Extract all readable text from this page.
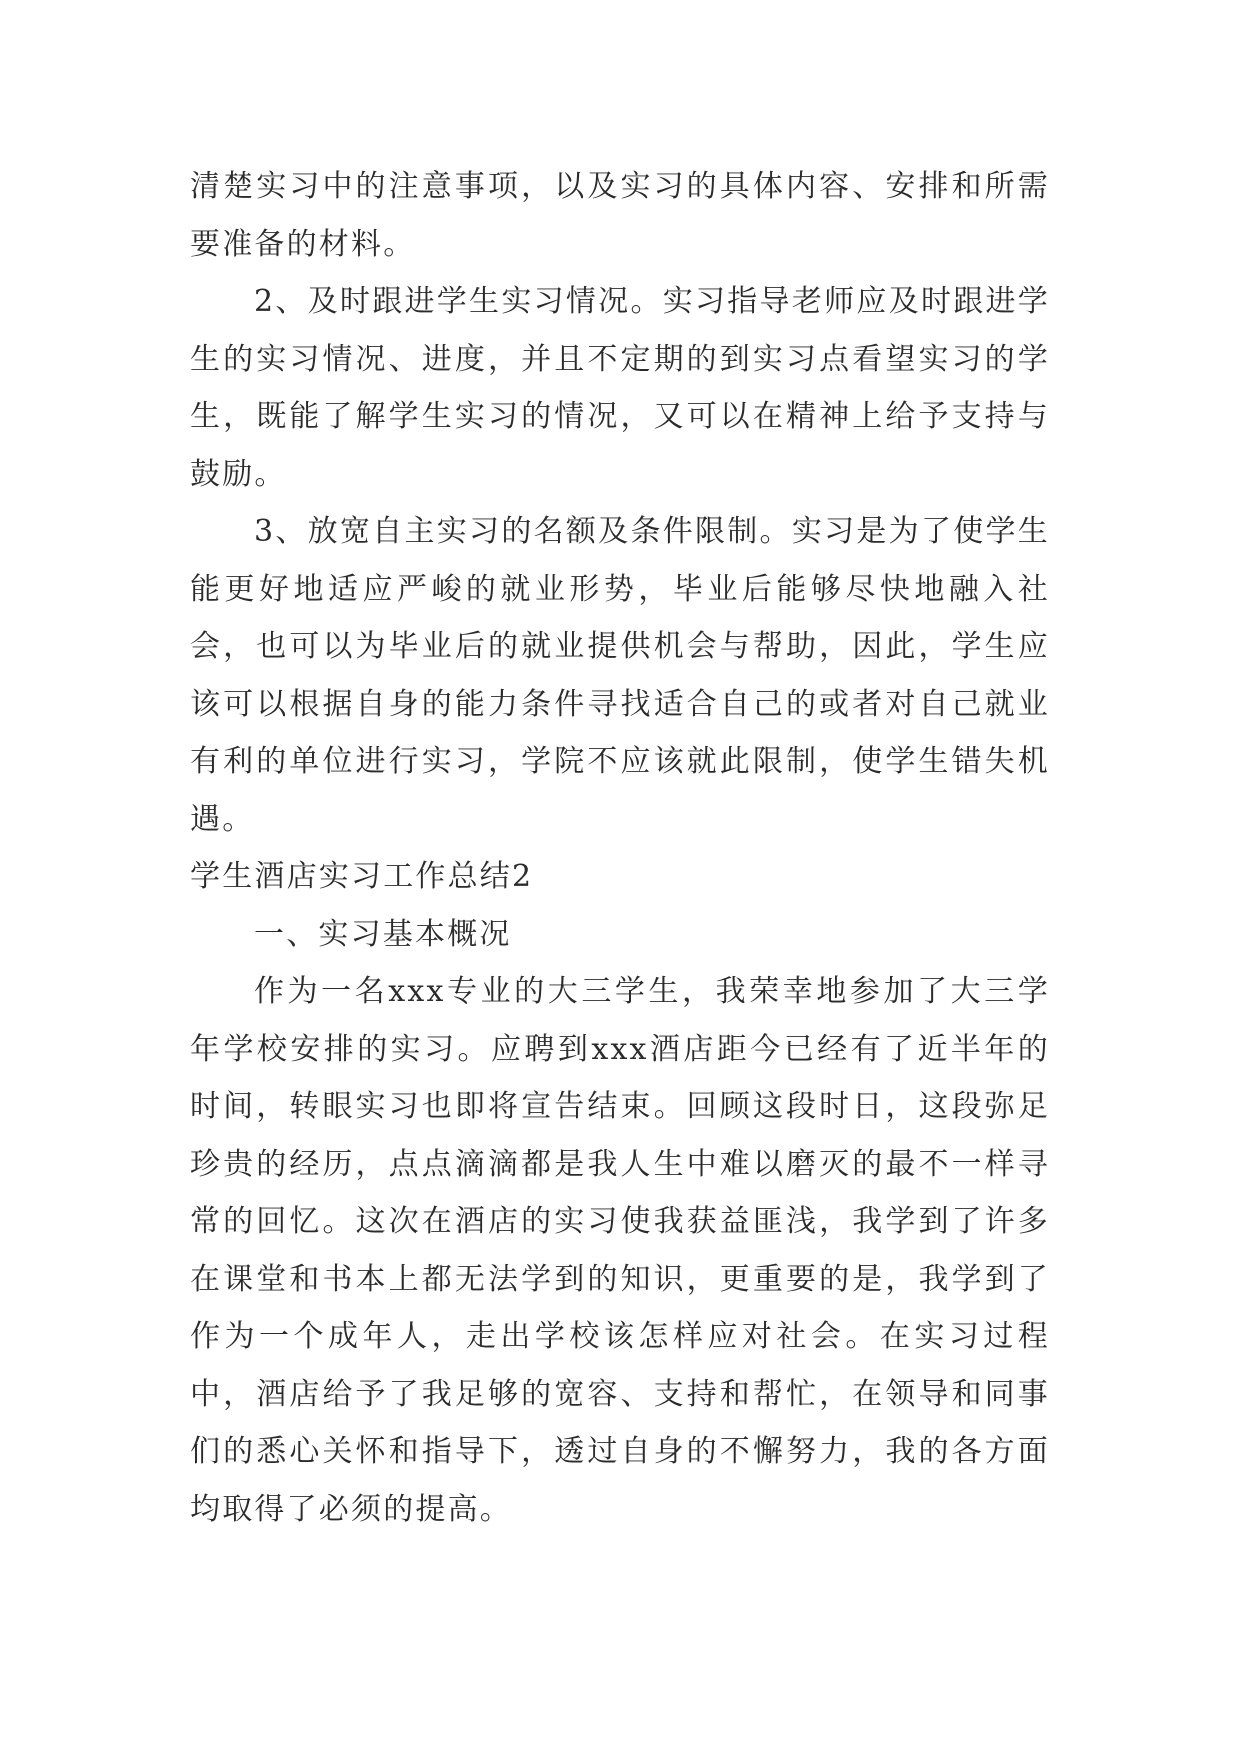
清楚实习中的注意事项，以及实习的具体内容、安排和所需要准备的材料。

2、及时跟进学生实习情况。实习指导老师应及时跟进学生的实习情况、进度，并且不定期的到实习点看望实习的学生，既能了解学生实习的情况，又可以在精神上给予支持与鼓励。

3、放宽自主实习的名额及条件限制。实习是为了使学生能更好地适应严峻的就业形势，毕业后能够尽快地融入社会，也可以为毕业后的就业提供机会与帮助，因此，学生应该可以根据自身的能力条件寻找适合自己的或者对自己就业有利的单位进行实习，学院不应该就此限制，使学生错失机遇。

学生酒店实习工作总结2

一、实习基本概况

作为一名xxx专业的大三学生，我荣幸地参加了大三学年学校安排的实习。应聘到xxx酒店距今已经有了近半年的时间，转眼实习也即将宣告结束。回顾这段时日，这段弥足珍贵的经历，点点滴滴都是我人生中难以磨灭的最不一样寻常的回忆。这次在酒店的实习使我获益匪浅，我学到了许多在课堂和书本上都无法学到的知识，更重要的是，我学到了作为一个成年人，走出学校该怎样应对社会。在实习过程中，酒店给予了我足够的宽容、支持和帮忙，在领导和同事们的悉心关怀和指导下，透过自身的不懈努力，我的各方面均取得了必须的提高。
